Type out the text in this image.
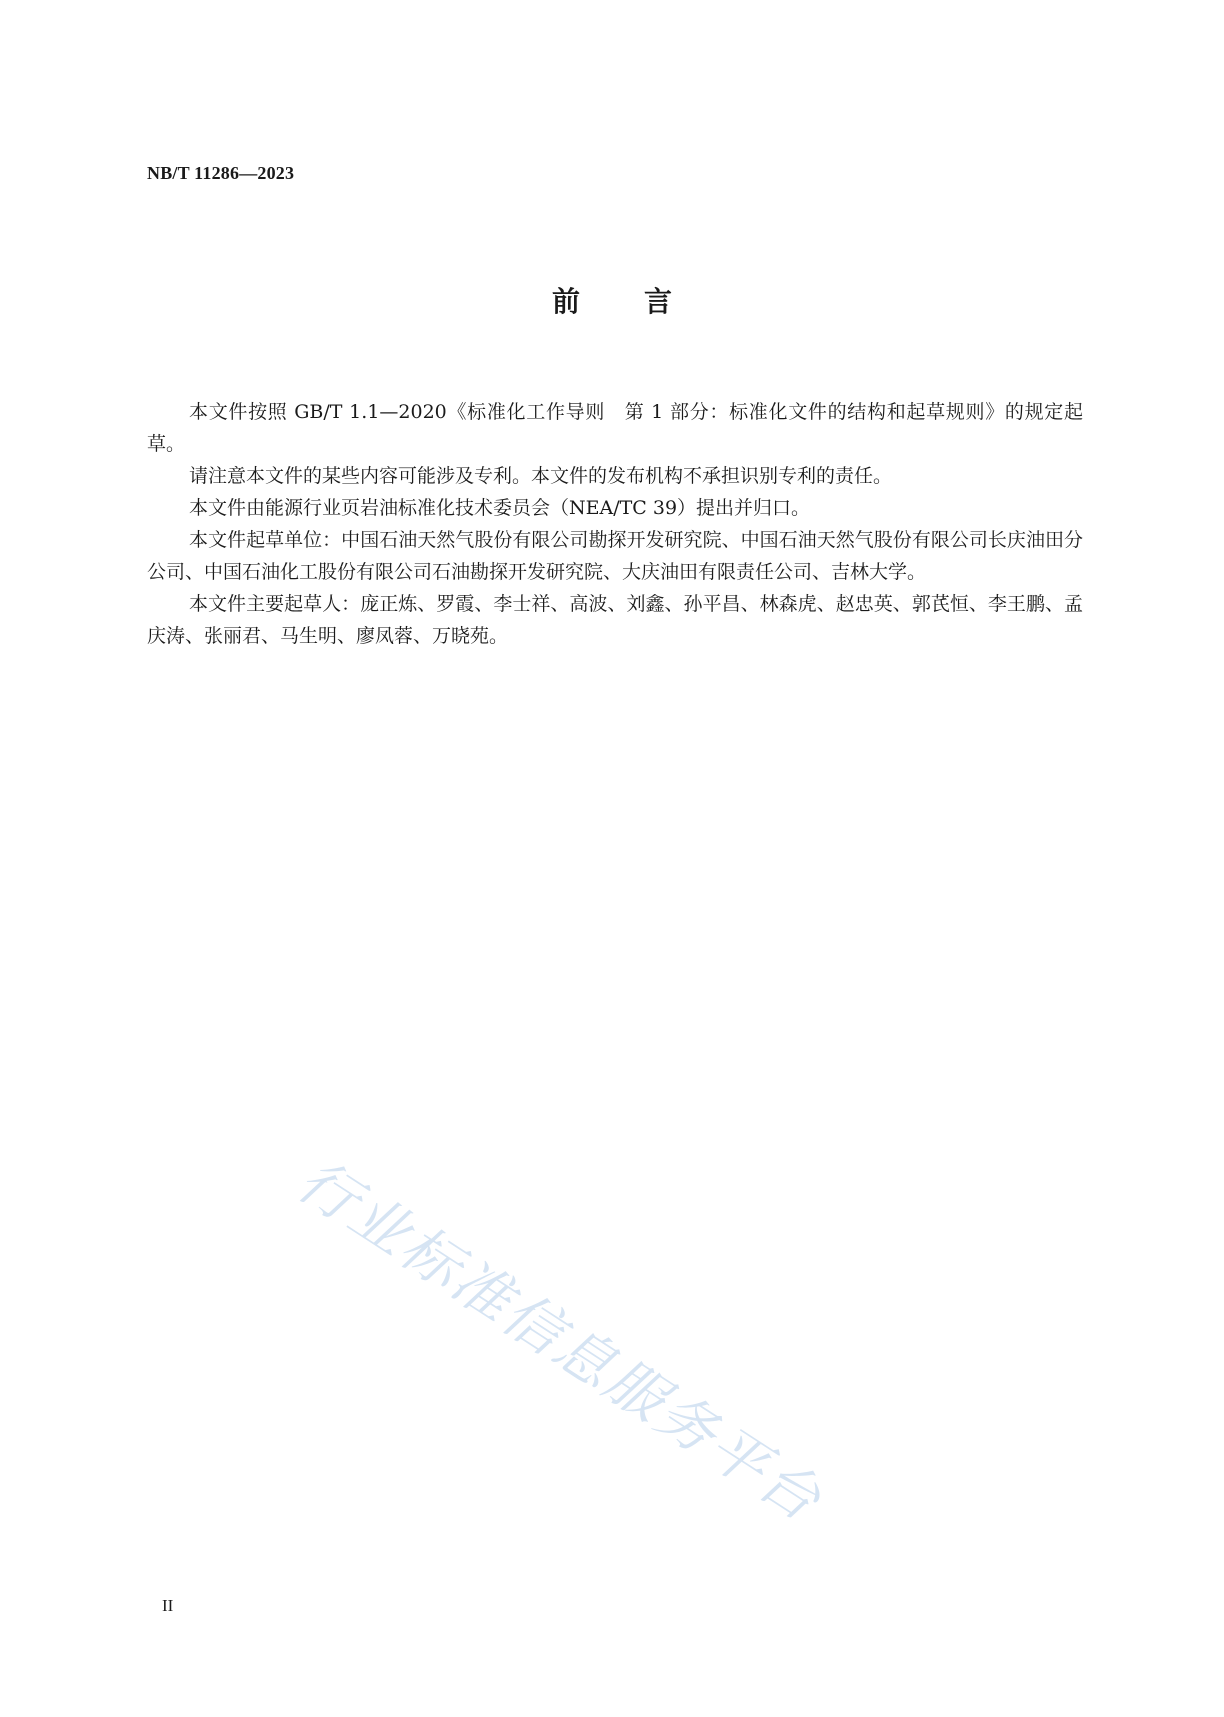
NB/T 11286—2023
前 言

本文件按照 GB/T 1.1—2020《标准化工作导则　第 1 部分：标准化文件的结构和起草规则》的规定起草。

请注意本文件的某些内容可能涉及专利。本文件的发布机构不承担识别专利的责任。

本文件由能源行业页岩油标准化技术委员会（NEA/TC 39）提出并归口。

本文件起草单位：中国石油天然气股份有限公司勘探开发研究院、中国石油天然气股份有限公司长庆油田分公司、中国石油化工股份有限公司石油勘探开发研究院、大庆油田有限责任公司、吉林大学。

本文件主要起草人：庞正炼、罗霞、李士祥、高波、刘鑫、孙平昌、林森虎、赵忠英、郭芪恒、李王鹏、孟庆涛、张丽君、马生明、廖凤蓉、万晓苑。

行业标准信息服务平台
II
